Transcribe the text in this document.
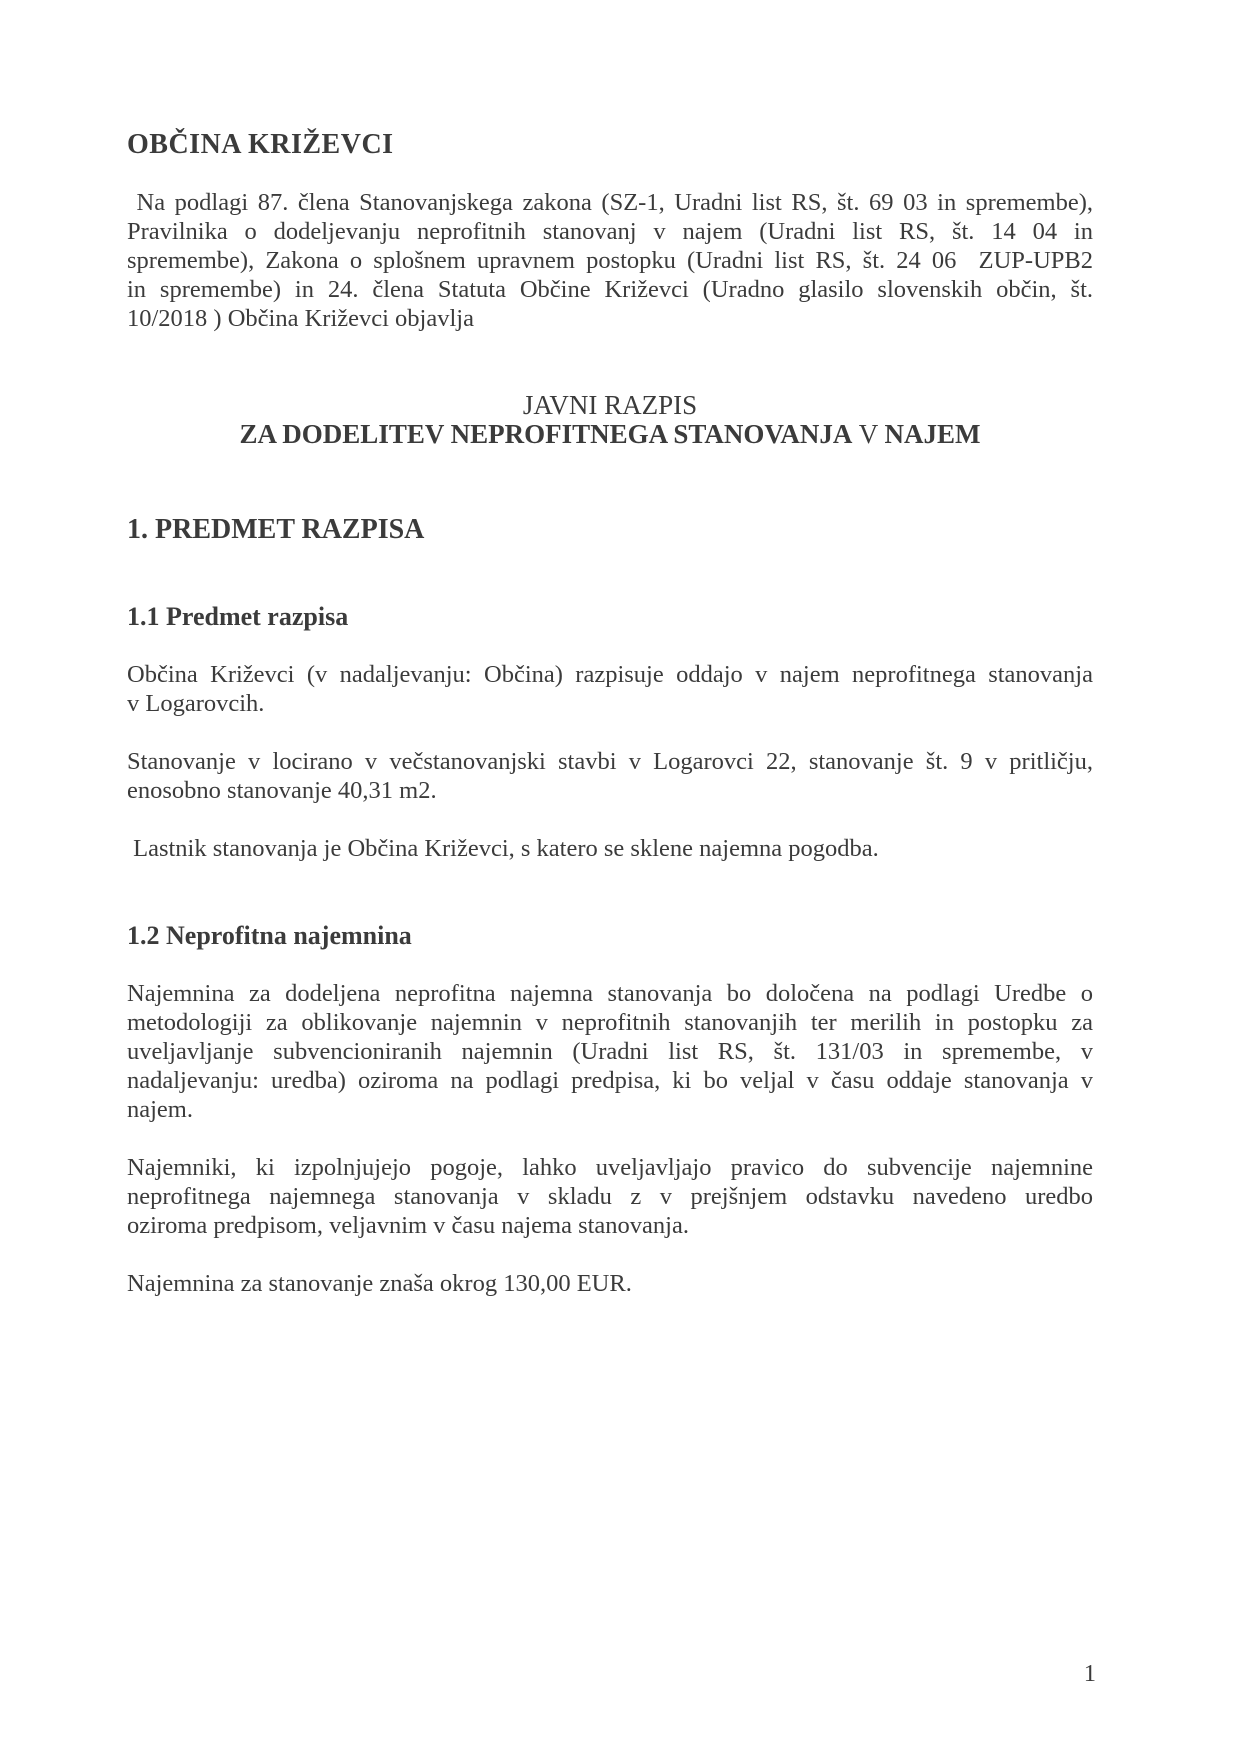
OBČINA KRIŽEVCI
Na podlagi 87. člena Stanovanjskega zakona (SZ-1, Uradni list RS, št. 69 03 in spremembe),
Pravilnika o dodeljevanju neprofitnih stanovanj v najem (Uradni list RS, št. 14 04 in
spremembe), Zakona o splošnem upravnem postopku (Uradni list RS, št. 24 06  ZUP-UPB2
in spremembe) in 24. člena Statuta Občine Križevci (Uradno glasilo slovenskih občin, št.
10/2018 ) Občina Križevci objavlja
JAVNI RAZPIS
ZA DODELITEV NEPROFITNEGA STANOVANJA V NAJEM
1. PREDMET RAZPISA
1.1 Predmet razpisa
Občina Križevci (v nadaljevanju: Občina) razpisuje oddajo v najem neprofitnega stanovanja
v Logarovcih.
Stanovanje v locirano v večstanovanjski stavbi v Logarovci 22, stanovanje št. 9 v pritličju,
enosobno stanovanje 40,31 m2.
Lastnik stanovanja je Občina Križevci, s katero se sklene najemna pogodba.
1.2 Neprofitna najemnina
Najemnina za dodeljena neprofitna najemna stanovanja bo določena na podlagi Uredbe o
metodologiji za oblikovanje najemnin v neprofitnih stanovanjih ter merilih in postopku za
uveljavljanje subvencioniranih najemnin (Uradni list RS, št. 131/03 in spremembe, v
nadaljevanju: uredba) oziroma na podlagi predpisa, ki bo veljal v času oddaje stanovanja v
najem.
Najemniki, ki izpolnjujejo pogoje, lahko uveljavljajo pravico do subvencije najemnine
neprofitnega najemnega stanovanja v skladu z v prejšnjem odstavku navedeno uredbo
oziroma predpisom, veljavnim v času najema stanovanja.
Najemnina za stanovanje znaša okrog 130,00 EUR.
1
